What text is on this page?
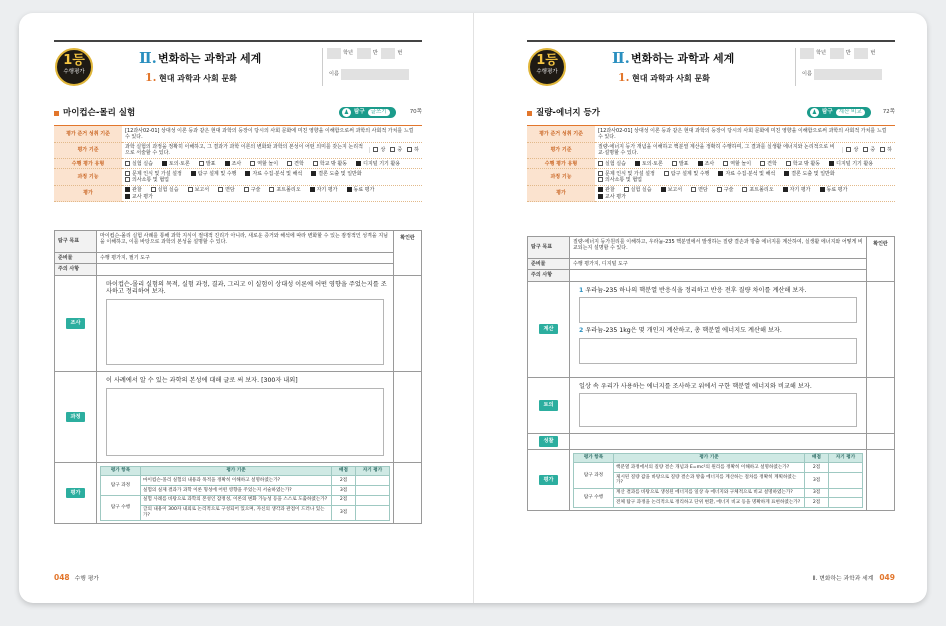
1등
수행평가
Ⅱ. 변화하는 과학과 세계
1. 현대 과학과 사회 문화
학년	반	번
이름
마이컵슨-몰리 실험	♟ 탐구 글쓰기	70쪽
평가 준거 성취 기준	[12과사02-01] 상대성 이론 등과 같은 현대 과학의 등장이 당시의 사회 문화에 미친 영향을 이해함으로써 과학의 사회적 가치를 느낄 수 있다.
평가 기준	과학 실험의 과정을 정확히 이해하고, 그 결과가 과학 이론의 변화와 과학의 본성이 어떤 의미를 갖는지 논리적으로 서술할 수 있다.
상 중 하

수행 평가 유형	실험 실습 토의·토론 발표 조사 역할 놀이 견학 학교 밖 활동 디지털 기기 활용
과정 기능	문제 인식 및 가설 설정 탐구 설계 및 수행 자료 수집·분석 및 해석 결론 도출 및 일반화의사소통 및 협업
평가	관찰 실험 실습 보고서 면담 구술 포트폴리오 자기 평가 동료 평가교사 평가
탐구 목표	마이컵슨-몰리 실험 사례를 통해 과학 지식이 절대적 진리가 아니라, 새로운 증거와 해석에 따라 변화할 수 있는 잠정적인 성격을 지님을 이해하고, 이를 바탕으로 과학의 본성을 설명할 수 있다.	확인란
준비물	수행 평가지, 필기 도구
주의 사항	
조사	
마이컵슨-몰리 실험의 목적, 실험 과정, 결과, 그리고 이 실험이 상대성 이론에 어떤 영향을 주었는지를 조사하고 정리하여 보자.

과정	
이 사례에서 알 수 있는 과학의 본성에 대해 글로 써 보자. [300자 내외]

평가	
평가 항목	평가 기준	배점	자기 평가
탐구 과정	마이컵슨-몰리 실험의 내용과 목적을 정확히 이해하고 설명하였는가?	2점	
실험의 실제 결과가 과학 이론 형성에 어떤 영향을 주었는지 서술하였는가?	3점	
탐구 수행	실험 사례를 바탕으로 과학의 본성인 잠정성, 이론의 변화 가능성 등을 스스로 도출하였는가?	2점	
글의 내용이 300자 내외로 논리적으로 구성되어 있으며, 자신의 생각과 관점이 드러나 있는가?	3점	

048 수행 평가
1등
수행평가
Ⅱ. 변화하는 과학과 세계
1. 현대 과학과 사회 문화
학년	반	번
이름
질량-에너지 등가	♟ 탐구 계산 비교	72쪽
평가 준거 성취 기준	[12과사02-01] 상대성 이론 등과 같은 현대 과학의 등장이 당시의 사회 문화에 미친 영향을 이해함으로써 과학의 사회적 가치를 느낄 수 있다.
평가 기준	질량-에너지 등가 개념을 이해하고 핵분열 계산을 정확히 수행하며, 그 결과를 실생활 에너지와 논리적으로 비교·설명할 수 있다.
상 중 하

수행 평가 유형	실험 실습 토의·토론 발표 조사 역할 놀이 견학 학교 밖 활동 디지털 기기 활용
과정 기능	문제 인식 및 가설 설정 탐구 설계 및 수행 자료 수집·분석 및 해석 결론 도출 및 일반화의사소통 및 협업
평가	관찰 실험 실습 보고서 면담 구술 포트폴리오 자기 평가 동료 평가교사 평가
탐구 목표	질량-에너지 등가원리를 이해하고, 우라늄-235 핵분열에서 발생하는 질량 결손과 방출 에너지를 계산하여, 실생활 에너지와 어떻게 비교되는지 설명할 수 있다.	확인란
준비물	수행 평가지, 디지털 도구
주의 사항	
계산	
1 우라늄-235 하나의 핵분열 반응식을 정리하고 반응 전후 질량 차이를 계산해 보자.
2 우라늄-235 1kg은 몇 개인지 계산하고, 총 핵분열 에너지도 계산해 보자.

토의	
일상 속 우리가 사용하는 에너지를 조사하고 위에서 구한 핵분열 에너지와 비교해 보자.

성찰		
평가	
평가 항목	평가 기준	배점	자기 평가
탐구 과정	핵분열 과정에서의 질량 결손 개념과 E=mc²의 원리를 정확히 이해하고 설명하였는가?	2점	
제시된 질량 값을 바탕으로 질량 결손과 방출 에너지를 계산하는 절차를 정확히 계획하였는가?	3점	
탐구 수행	계산 결과를 바탕으로 생성된 에너지를 일상 속 에너지와 구체적으로 비교 설명하였는가?	3점	
전체 탐구 과정을 논리적으로 정리하고 단위 변환, 에너지 비교 등을 명확하게 표현하였는가?	2점	

Ⅱ. 변화하는 과학과 세계 049
